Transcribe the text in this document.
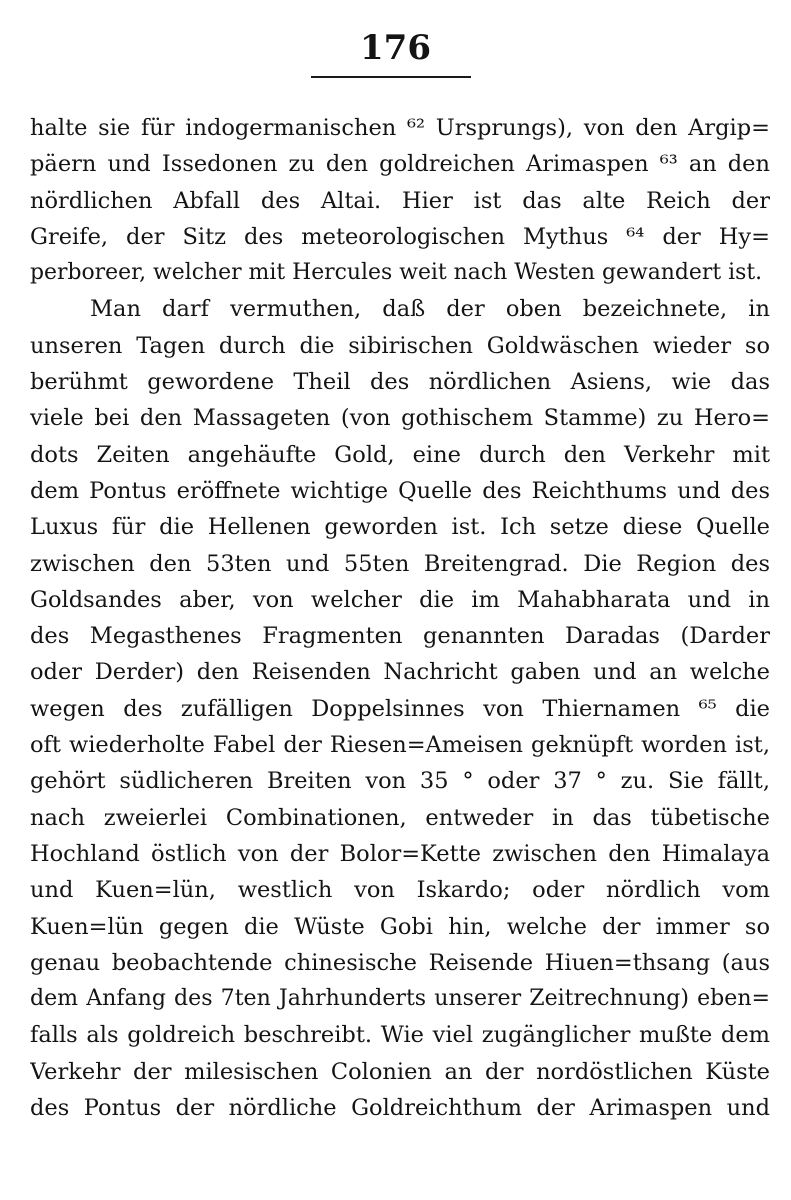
176
halte sie für indogermanischen ⁶² Ursprungs), von den Argip=
päern und Issedonen zu den goldreichen Arimaspen ⁶³ an den
nördlichen Abfall des Altai. Hier ist das alte Reich der
Greife, der Sitz des meteorologischen Mythus ⁶⁴ der Hy=
perboreer, welcher mit Hercules weit nach Westen gewandert ist.
Man darf vermuthen, daß der oben bezeichnete, in
unseren Tagen durch die sibirischen Goldwäschen wieder so
berühmt gewordene Theil des nördlichen Asiens, wie das
viele bei den Massageten (von gothischem Stamme) zu Hero=
dots Zeiten angehäufte Gold, eine durch den Verkehr mit
dem Pontus eröffnete wichtige Quelle des Reichthums und des
Luxus für die Hellenen geworden ist. Ich setze diese Quelle
zwischen den 53ten und 55ten Breitengrad. Die Region des
Goldsandes aber, von welcher die im Mahabharata und in
des Megasthenes Fragmenten genannten Daradas (Darder
oder Derder) den Reisenden Nachricht gaben und an welche
wegen des zufälligen Doppelsinnes von Thiernamen ⁶⁵ die
oft wiederholte Fabel der Riesen=Ameisen geknüpft worden ist,
gehört südlicheren Breiten von 35 ° oder 37 ° zu. Sie fällt,
nach zweierlei Combinationen, entweder in das tübetische
Hochland östlich von der Bolor=Kette zwischen den Himalaya
und Kuen=lün, westlich von Iskardo; oder nördlich vom
Kuen=lün gegen die Wüste Gobi hin, welche der immer so
genau beobachtende chinesische Reisende Hiuen=thsang (aus
dem Anfang des 7ten Jahrhunderts unserer Zeitrechnung) eben=
falls als goldreich beschreibt. Wie viel zugänglicher mußte dem
Verkehr der milesischen Colonien an der nordöstlichen Küste
des Pontus der nördliche Goldreichthum der Arimaspen und
